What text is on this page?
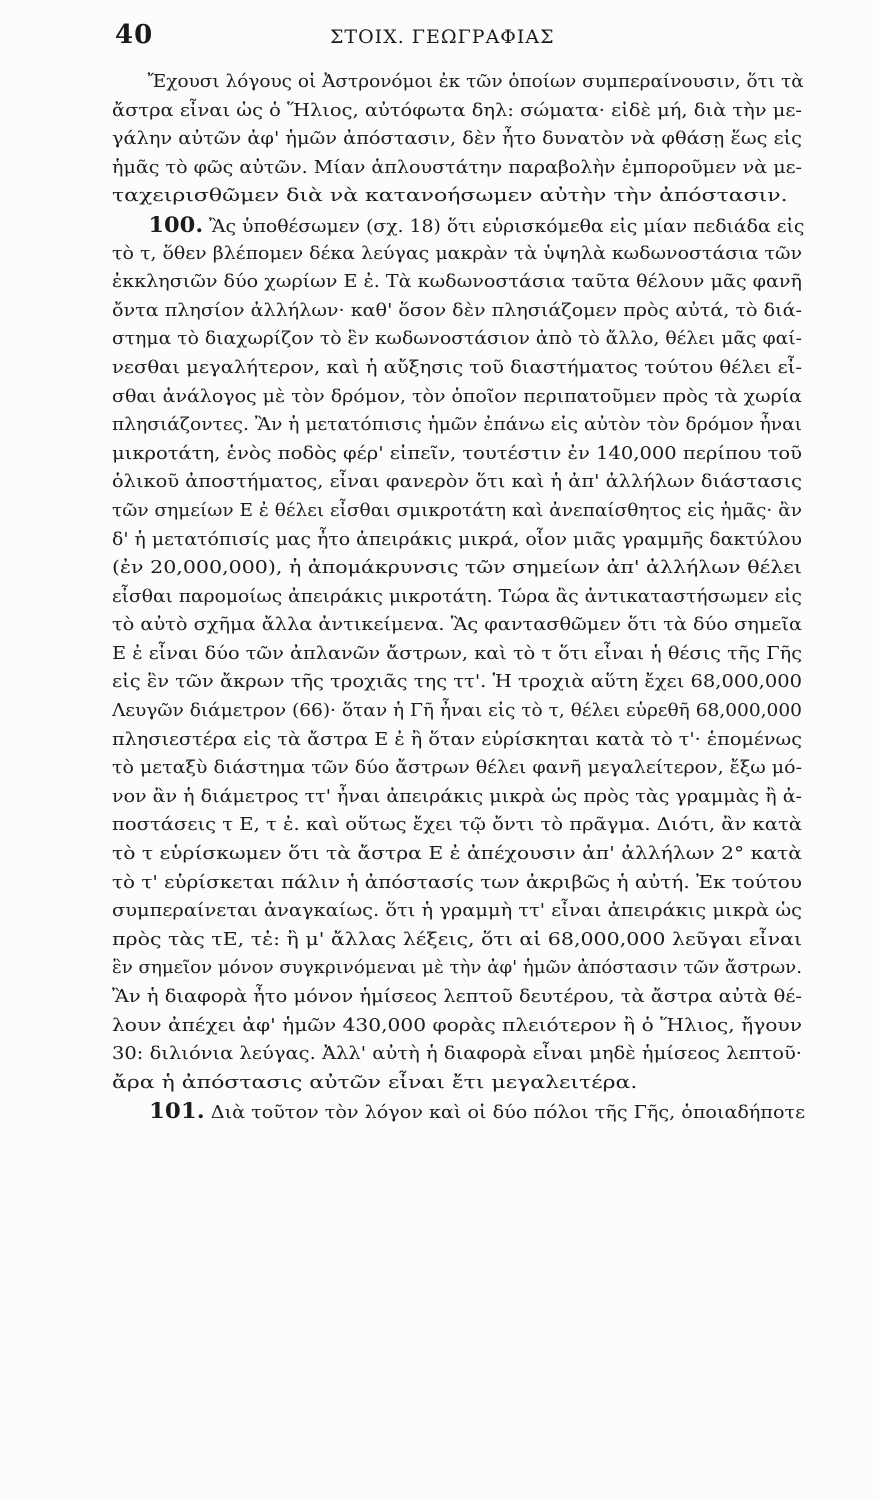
40	ΣΤΟΙΧ. ΓΕΩΓΡΑΦΙΑΣ
Ἔχουσι λόγους οἱ Ἀστρονόμοι ἐκ τῶν ὁποίων συμπεραίνουσιν, ὅτι τὰ
ἄστρα εἶναι ὡς ὁ Ἥλιος, αὐτόφωτα δηλ: σώματα· εἰδὲ μή, διὰ τὴν με-
γάλην αὐτῶν ἀφ' ἡμῶν ἀπόστασιν, δὲν ἦτο δυνατὸν νὰ φθάσῃ ἕως εἰς
ἡμᾶς τὸ φῶς αὐτῶν. Μίαν ἁπλουστάτην παραβολὴν ἐμποροῦμεν νὰ με-
ταχειρισθῶμεν διὰ νὰ κατανοήσωμεν αὐτὴν τὴν ἀπόστασιν.
100. Ἂς ὑποθέσωμεν (σχ. 18) ὅτι εὑρισκόμεθα εἰς μίαν πεδιάδα εἰς
τὸ τ, ὅθεν βλέπομεν δέκα λεύγας μακρὰν τὰ ὑψηλὰ κωδωνοστάσια τῶν
ἐκκλησιῶν δύο χωρίων Ε ἐ. Τὰ κωδωνοστάσια ταῦτα θέλουν μᾶς φανῆ
ὄντα πλησίον ἀλλήλων· καθ' ὅσον δὲν πλησιάζομεν πρὸς αὐτά, τὸ διά-
στημα τὸ διαχωρίζον τὸ ἓν κωδωνοστάσιον ἀπὸ τὸ ἄλλο, θέλει μᾶς φαί-
νεσθαι μεγαλήτερον, καὶ ἡ αὔξησις τοῦ διαστήματος τούτου θέλει εἶ-
σθαι ἀνάλογος μὲ τὸν δρόμον, τὸν ὁποῖον περιπατοῦμεν πρὸς τὰ χωρία
πλησιάζοντες. Ἂν ἡ μετατόπισις ἡμῶν ἐπάνω εἰς αὐτὸν τὸν δρόμον ἦναι
μικροτάτη, ἑνὸς ποδὸς φέρ' εἰπεῖν, τουτέστιν ἐν 140,000 περίπου τοῦ
ὁλικοῦ ἀποστήματος, εἶναι φανερὸν ὅτι καὶ ἡ ἀπ' ἀλλήλων διάστασις
τῶν σημείων Ε ἐ θέλει εἶσθαι σμικροτάτη καὶ ἀνεπαίσθητος εἰς ἡμᾶς· ἂν
δ' ἡ μετατόπισίς μας ἦτο ἀπειράκις μικρά, οἷον μιᾶς γραμμῆς δακτύλου
(ἐν 20,000,000), ἡ ἀπομάκρυνσις τῶν σημείων ἀπ' ἀλλήλων θέλει
εἶσθαι παρομοίως ἀπειράκις μικροτάτη. Τώρα ἂς ἀντικαταστήσωμεν εἰς
τὸ αὐτὸ σχῆμα ἄλλα ἀντικείμενα. Ἂς φαντασθῶμεν ὅτι τὰ δύο σημεῖα
Ε ἐ εἶναι δύο τῶν ἀπλανῶν ἄστρων, καὶ τὸ τ ὅτι εἶναι ἡ θέσις τῆς Γῆς
εἰς ἓν τῶν ἄκρων τῆς τροχιᾶς της ττ'. Ἡ τροχιὰ αὕτη ἔχει 68,000,000
Λευγῶν διάμετρον (66)· ὅταν ἡ Γῆ ἦναι εἰς τὸ τ, θέλει εὑρεθῆ 68,000,000
πλησιεστέρα εἰς τὰ ἄστρα Ε ἐ ἢ ὅταν εὑρίσκηται κατὰ τὸ τ'· ἑπομένως
τὸ μεταξὺ διάστημα τῶν δύο ἄστρων θέλει φανῆ μεγαλείτερον, ἔξω μό-
νον ἂν ἡ διάμετρος ττ' ἦναι ἀπειράκις μικρὰ ὡς πρὸς τὰς γραμμὰς ἢ ἀ-
ποστάσεις τ Ε, τ ἐ. καὶ οὕτως ἔχει τῷ ὄντι τὸ πρᾶγμα. Διότι, ἂν κατὰ
τὸ τ εὑρίσκωμεν ὅτι τὰ ἄστρα Ε ἐ ἀπέχουσιν ἀπ' ἀλλήλων 2° κατὰ
τὸ τ' εὑρίσκεται πάλιν ἡ ἀπόστασίς των ἀκριβῶς ἡ αὐτή. Ἐκ τούτου
συμπεραίνεται ἀναγκαίως. ὅτι ἡ γραμμὴ ττ' εἶναι ἀπειράκις μικρὰ ὡς
πρὸς τὰς τΕ, τἐ: ἢ μ' ἄλλας λέξεις, ὅτι αἱ 68,000,000 λεῦγαι εἶναι
ἓν σημεῖον μόνον συγκρινόμεναι μὲ τὴν ἀφ' ἡμῶν ἀπόστασιν τῶν ἄστρων.
Ἂν ἡ διαφορὰ ἦτο μόνον ἡμίσεος λεπτοῦ δευτέρου, τὰ ἄστρα αὐτὰ θέ-
λουν ἀπέχει ἀφ' ἡμῶν 430,000 φορὰς πλειότερον ἢ ὁ Ἥλιος, ἤγουν
30: διλιόνια λεύγας. Ἀλλ' αὐτὴ ἡ διαφορὰ εἶναι μηδὲ ἡμίσεος λεπτοῦ·
ἄρα ἡ ἀπόστασις αὐτῶν εἶναι ἔτι μεγαλειτέρα.
101. Διὰ τοῦτον τὸν λόγον καὶ οἱ δύο πόλοι τῆς Γῆς, ὁποιαδήποτε
